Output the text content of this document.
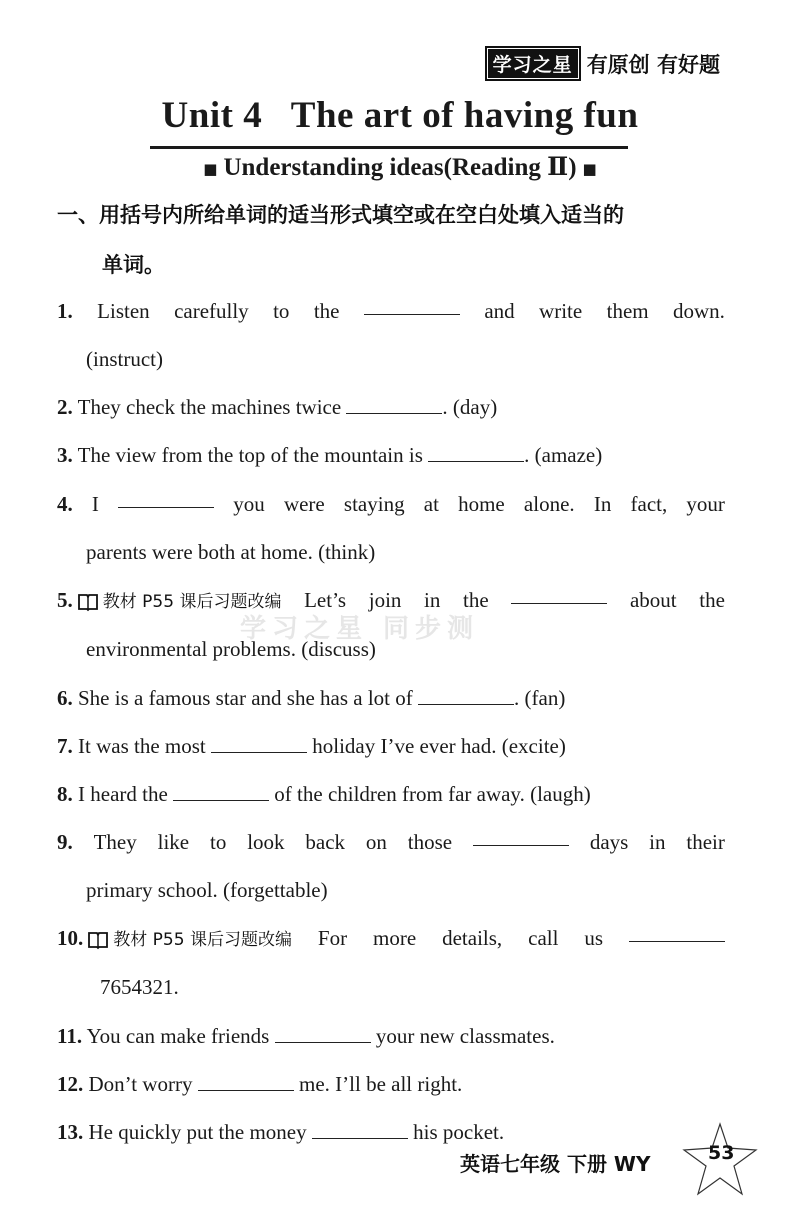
学习之星 有原创 有好题
Unit 4   The art of having fun
■ Understanding ideas(Reading Ⅱ) ■
一、用括号内所给单词的适当形式填空或在空白处填入适当的
单词。
学习之星 同步测
1. Listen carefully to the	and write them down.
(instruct)
2. They check the machines twice	. (day)
3. The view from the top of the mountain is	. (amaze)
4. I	you were staying at home alone. In fact, your
parents were both at home. (think)
5. 教材 P55 课后习题改编 Let’s join in the	about the
environmental problems. (discuss)
6. She is a famous star and she has a lot of	. (fan)
7. It was the most	holiday I’ve ever had. (excite)
8. I heard the	of the children from far away. (laugh)
9. They like to look back on those	days in their
primary school. (forgettable)
10. 教材 P55 课后习题改编 For more details, call us
7654321.
11. You can make friends	your new classmates.
12. Don’t worry	me. I’ll be all right.
13. He quickly put the money	his pocket.
英语七年级 下册 WY	53
